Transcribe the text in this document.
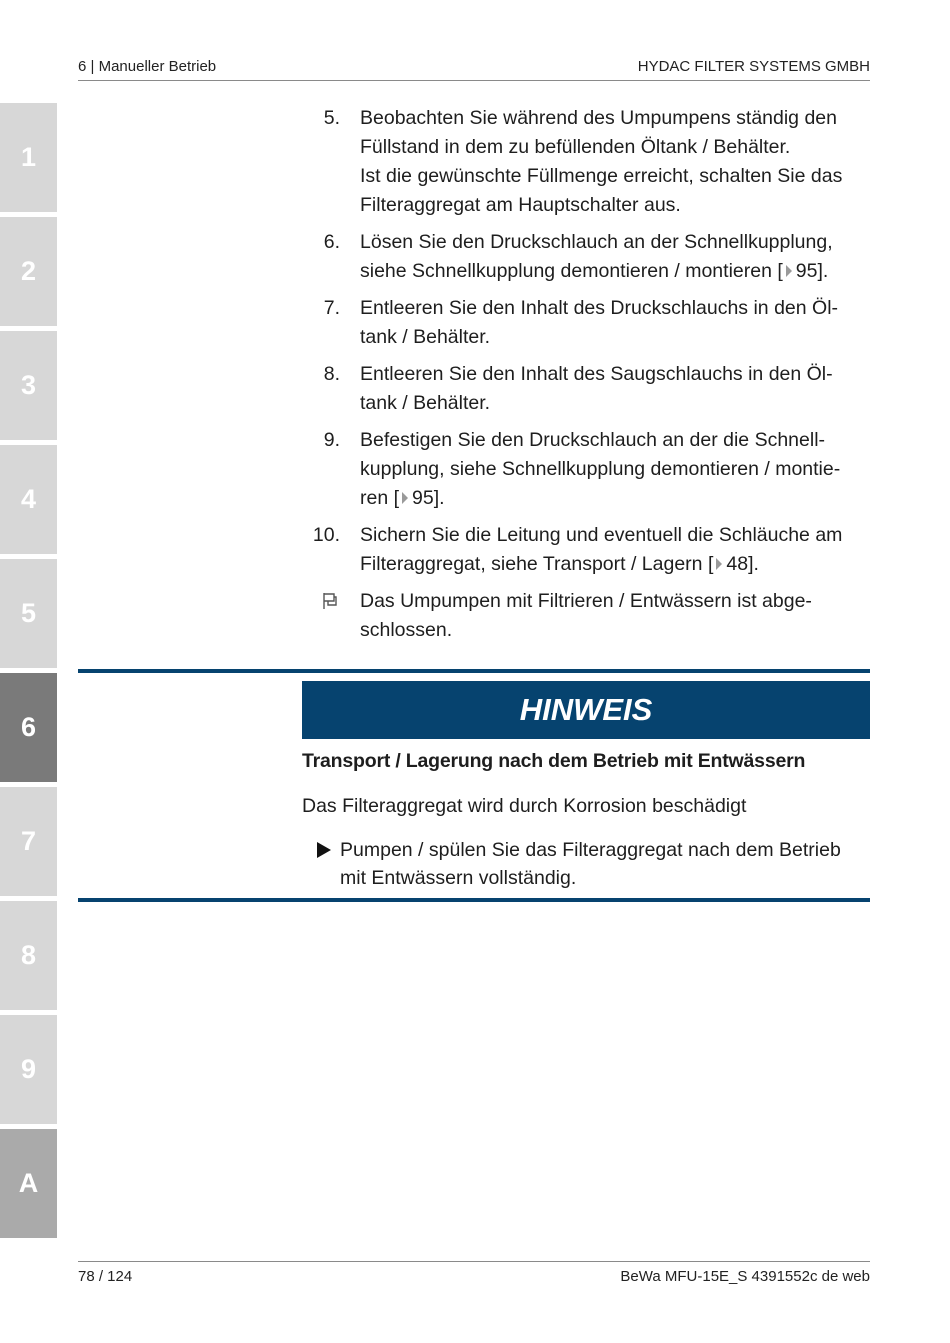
6 | Manueller Betrieb	HYDAC FILTER SYSTEMS GMBH
1
2
3
4
5
6
7
8
9
A
5. Beobachten Sie während des Umpumpens ständig den
Füllstand in dem zu befüllenden Öltank / Behälter.
Ist die gewünschte Füllmenge erreicht, schalten Sie das
Filteraggregat am Hauptschalter aus.
6. Lösen Sie den Druckschlauch an der Schnellkupplung,
siehe Schnellkupplung demontieren / montieren [ 95].
7. Entleeren Sie den Inhalt des Druckschlauchs in den Öl-
tank / Behälter.
8. Entleeren Sie den Inhalt des Saugschlauchs in den Öl-
tank / Behälter.
9. Befestigen Sie den Druckschlauch an der die Schnell-
kupplung, siehe Schnellkupplung demontieren / montie-
ren [ 95].
10. Sichern Sie die Leitung und eventuell die Schläuche am
Filteraggregat, siehe Transport / Lagern [ 48].
Das Umpumpen mit Filtrieren / Entwässern ist abge-
schlossen.
HINWEIS
Transport / Lagerung nach dem Betrieb mit Entwässern
Das Filteraggregat wird durch Korrosion beschädigt
Pumpen / spülen Sie das Filteraggregat nach dem Betrieb
mit Entwässern vollständig.
78 / 124	BeWa MFU-15E_S 4391552c de web
